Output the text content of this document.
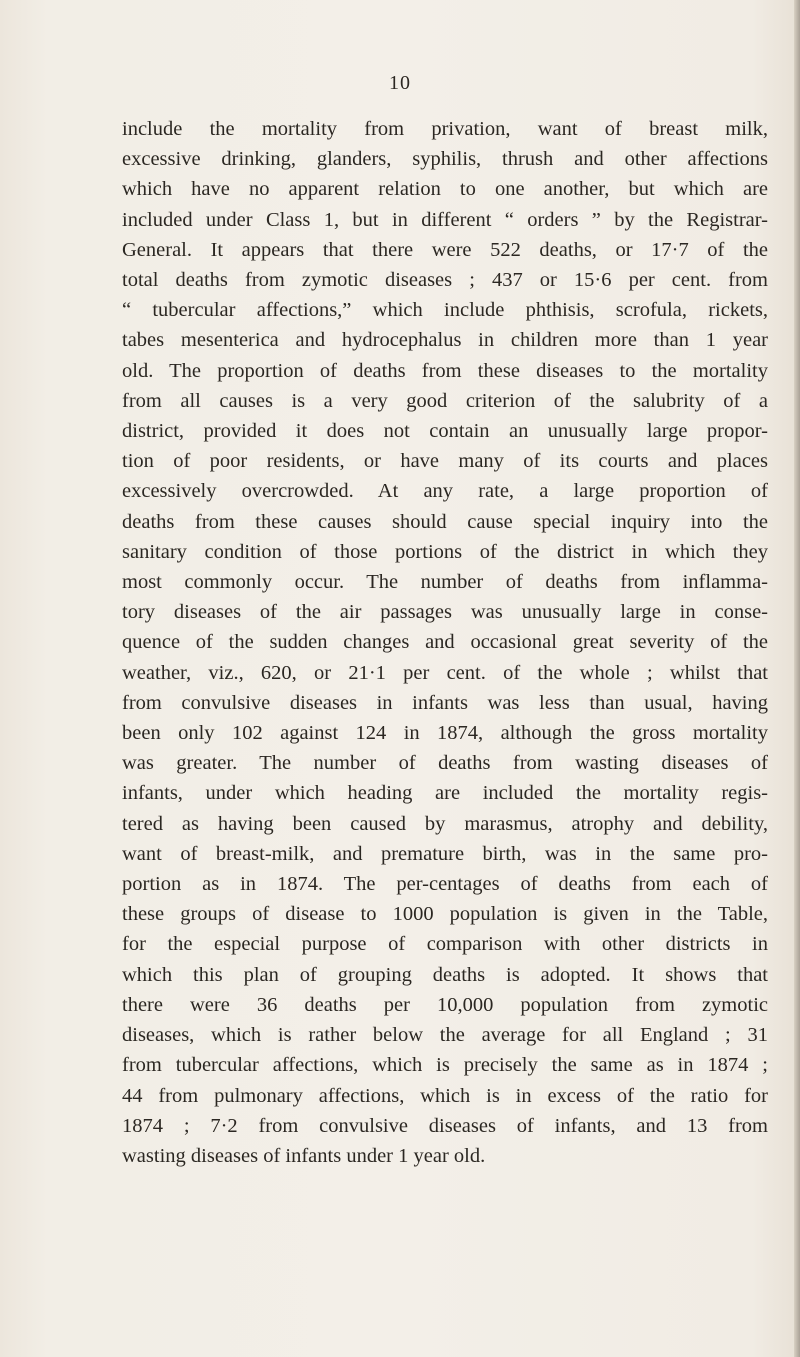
10
include the mortality from privation, want of breast milk,
excessive drinking, glanders, syphilis, thrush and other affections
which have no apparent relation to one another, but which are
included under Class 1, but in different “ orders ” by the Registrar-
General. It appears that there were 522 deaths, or 17·7 of the
total deaths from zymotic diseases ; 437 or 15·6 per cent. from
“ tubercular affections,” which include phthisis, scrofula, rickets,
tabes mesenterica and hydrocephalus in children more than 1 year
old. The proportion of deaths from these diseases to the mortality
from all causes is a very good criterion of the salubrity of a
district, provided it does not contain an unusually large propor-
tion of poor residents, or have many of its courts and places
excessively overcrowded. At any rate, a large proportion of
deaths from these causes should cause special inquiry into the
sanitary condition of those portions of the district in which they
most commonly occur. The number of deaths from inflamma-
tory diseases of the air passages was unusually large in conse-
quence of the sudden changes and occasional great severity of the
weather, viz., 620, or 21·1 per cent. of the whole ; whilst that
from convulsive diseases in infants was less than usual, having
been only 102 against 124 in 1874, although the gross mortality
was greater. The number of deaths from wasting diseases of
infants, under which heading are included the mortality regis-
tered as having been caused by marasmus, atrophy and debility,
want of breast-milk, and premature birth, was in the same pro-
portion as in 1874. The per-centages of deaths from each of
these groups of disease to 1000 population is given in the Table,
for the especial purpose of comparison with other districts in
which this plan of grouping deaths is adopted. It shows that
there were 36 deaths per 10,000 population from zymotic
diseases, which is rather below the average for all England ; 31
from tubercular affections, which is precisely the same as in 1874 ;
44 from pulmonary affections, which is in excess of the ratio for
1874 ; 7·2 from convulsive diseases of infants, and 13 from
wasting diseases of infants under 1 year old.
